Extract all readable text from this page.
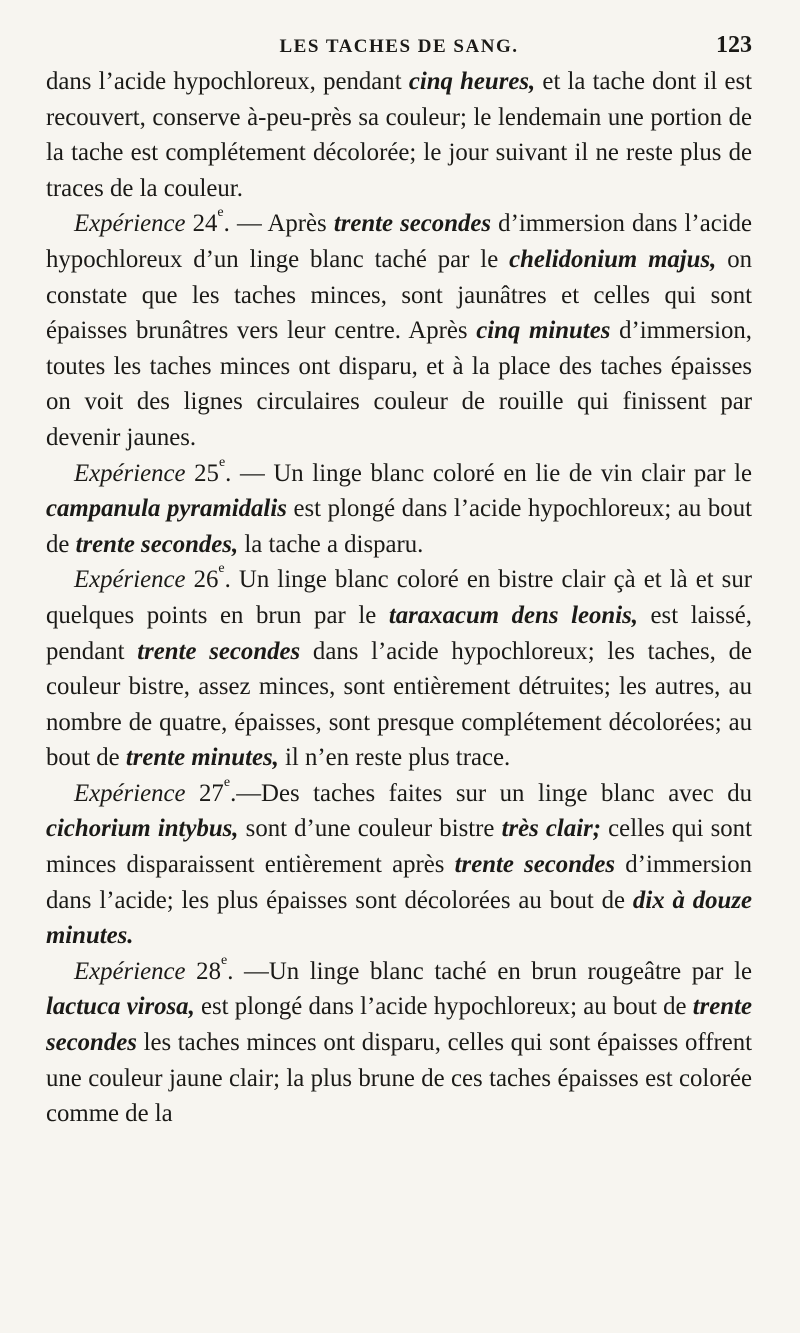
LES TACHES DE SANG.	123

dans l’acide hypochloreux, pendant cinq heures, et la tache dont il est recouvert, conserve à-peu-près sa couleur; le lendemain une portion de la tache est complétement décolorée; le jour suivant il ne reste plus de traces de la couleur.

Expérience 24e. — Après trente secondes d’immersion dans l’acide hypochloreux d’un linge blanc taché par le chelidonium majus, on constate que les taches minces, sont jaunâtres et celles qui sont épaisses brunâtres vers leur centre. Après cinq minutes d’immersion, toutes les taches minces ont disparu, et à la place des taches épaisses on voit des lignes circulaires couleur de rouille qui finissent par devenir jaunes.

Expérience 25e. — Un linge blanc coloré en lie de vin clair par le campanula pyramidalis est plongé dans l’acide hypochloreux; au bout de trente secondes, la tache a disparu.

Expérience 26e. Un linge blanc coloré en bistre clair çà et là et sur quelques points en brun par le taraxacum dens leonis, est laissé, pendant trente secondes dans l’acide hypochloreux; les taches, de couleur bistre, assez minces, sont entièrement détruites; les autres, au nombre de quatre, épaisses, sont presque complétement décolorées; au bout de trente minutes, il n’en reste plus trace.

Expérience 27e.—Des taches faites sur un linge blanc avec du cichorium intybus, sont d’une couleur bistre très clair; celles qui sont minces disparaissent entièrement après trente secondes d’immersion dans l’acide; les plus épaisses sont décolorées au bout de dix à douze minutes.

Expérience 28e. —Un linge blanc taché en brun rougeâtre par le lactuca virosa, est plongé dans l’acide hypochloreux; au bout de trente secondes les taches minces ont disparu, celles qui sont épaisses offrent une couleur jaune clair; la plus brune de ces taches épaisses est colorée comme de la
